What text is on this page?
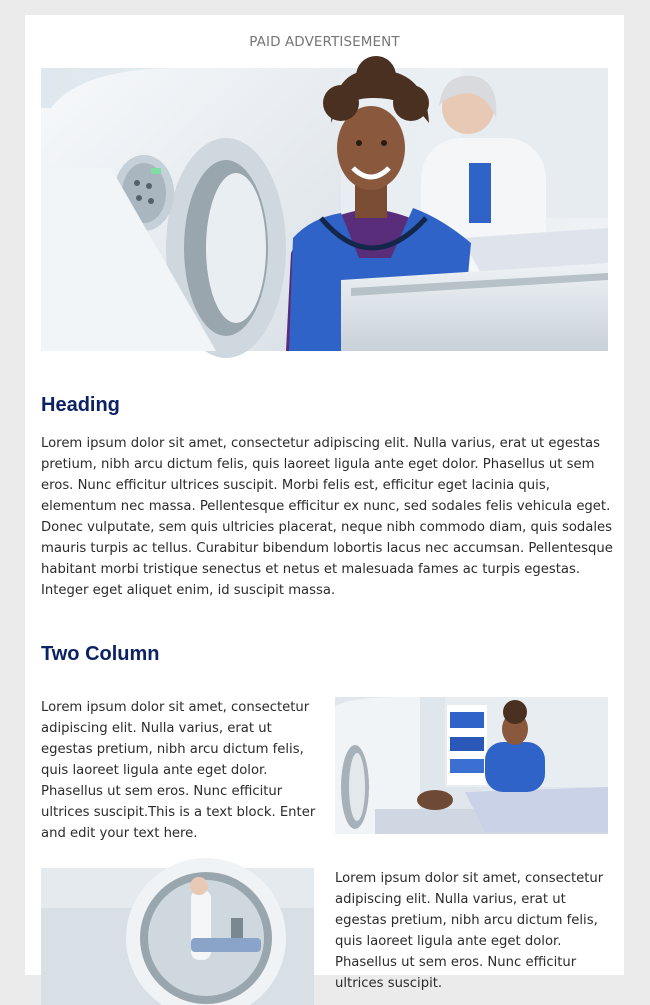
PAID ADVERTISEMENT
Heading

Lorem ipsum dolor sit amet, consectetur adipiscing elit. Nulla varius, erat ut egestas pretium, nibh arcu dictum felis, quis laoreet ligula ante eget dolor. Phasellus ut sem eros. Nunc efficitur ultrices suscipit. Morbi felis est, efficitur eget lacinia quis, elementum nec massa. Pellentesque efficitur ex nunc, sed sodales felis vehicula eget. Donec vulputate, sem quis ultricies placerat, neque nibh commodo diam, quis sodales mauris turpis ac tellus. Curabitur bibendum lobortis lacus nec accumsan. Pellentesque habitant morbi tristique senectus et netus et malesuada fames ac turpis egestas. Integer eget aliquet enim, id suscipit massa.

Two Column

Lorem ipsum dolor sit amet, consectetur adipiscing elit. Nulla varius, erat ut egestas pretium, nibh arcu dictum felis, quis laoreet ligula ante eget dolor. Phasellus ut sem eros. Nunc efficitur ultrices suscipit.This is a text block. Enter and edit your text here.

Lorem ipsum dolor sit amet, consectetur adipiscing elit. Nulla varius, erat ut egestas pretium, nibh arcu dictum felis, quis laoreet ligula ante eget dolor. Phasellus ut sem eros. Nunc efficitur ultrices suscipit.
